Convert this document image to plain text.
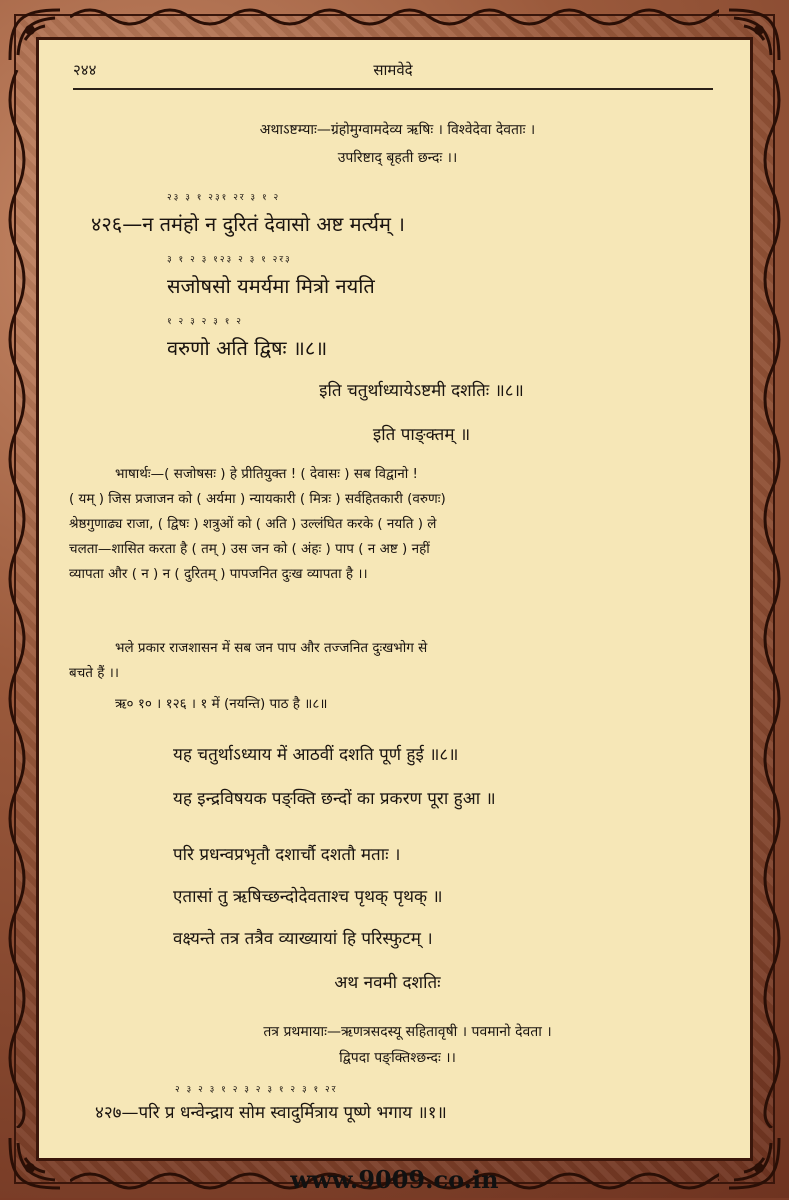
२४४	सामवेदे
अथाऽष्टम्याः—ग्रंहोमुग्वामदेव्य ऋषिः । विश्वेदेवा देवताः ।
उपरिष्टाद् बृहती छन्दः ।।
२३ ३ १ २३१ २र ३ १ २
४२६—न तमंहो न दुरितं देवासो अष्ट मर्त्यम् ।
३ १ २ ३ १२३ २ ३ १ २र३
सजोषसो यमर्यमा मित्रो नयति
१ २ ३ २ ३ १ २
वरुणो अति द्विषः ॥८॥
इति चतुर्थाध्यायेऽष्टमी दशतिः ॥८॥
इति पाङ्क्तम् ॥
भाषार्थः—( सजोषसः ) हे प्रीतियुक्त ! ( देवासः ) सब विद्वानो !
( यम् ) जिस प्रजाजन को ( अर्यमा ) न्यायकारी ( मित्रः ) सर्वहितकारी (वरुणः)
श्रेष्ठगुणाढ्य राजा, ( द्विषः ) शत्रुओं को ( अति ) उल्लंघित करके ( नयति ) ले
चलता—शासित करता है ( तम् ) उस जन को ( अंहः ) पाप ( न अष्ट ) नहीं
व्यापता और ( न ) न ( दुरितम् ) पापजनित दुःख व्यापता है ।।
भले प्रकार राजशासन में सब जन पाप और तज्जनित दुःखभोग से
बचते हैं ।।
ऋ० १० । १२६ । १ में (नयन्ति) पाठ है ॥८॥
यह चतुर्थाऽध्याय में आठवीं दशति पूर्ण हुई ॥८॥
यह इन्द्रविषयक पङ्क्ति छन्दों का प्रकरण पूरा हुआ ॥
परि प्रधन्वप्रभृतौ दशार्चौ दशतौ मताः ।
एतासां तु ऋषिच्छन्दोदेवताश्च पृथक् पृथक् ॥
वक्ष्यन्ते तत्र तत्रैव व्याख्यायां हि परिस्फुटम् ।
अथ नवमी दशतिः
तत्र प्रथमायाः—ऋणत्रसदस्यू सहितावृषी । पवमानो देवता ।
द्विपदा पङ्क्तिश्छन्दः ।।
२ ३ २ ३ १ २ ३ २ ३ १ २ ३ १ २र
४२७—परि प्र धन्वेन्द्राय सोम स्वादुर्मित्राय पूष्णे भगाय ॥१॥
www.9009.co.in
